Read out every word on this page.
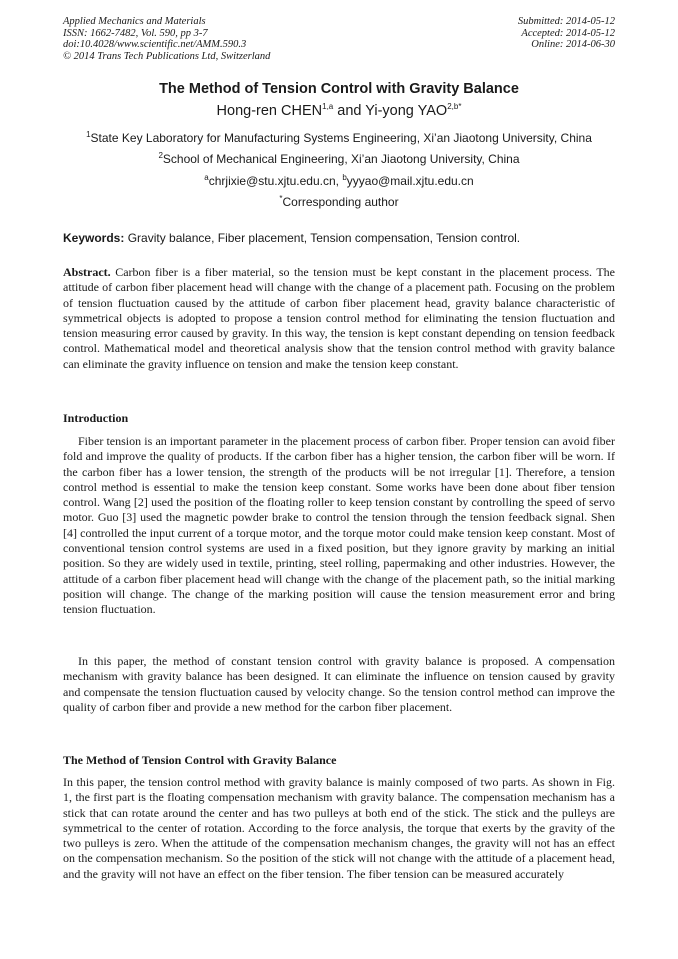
Applied Mechanics and Materials
ISSN: 1662-7482, Vol. 590, pp 3-7
doi:10.4028/www.scientific.net/AMM.590.3
© 2014 Trans Tech Publications Ltd, Switzerland
Submitted: 2014-05-12
Accepted: 2014-05-12
Online: 2014-06-30
The Method of Tension Control with Gravity Balance
Hong-ren CHEN$^{1,a}$ and Yi-yong $YAO^{2,b*}$
$^1$State Key Laboratory for Manufacturing Systems Engineering, Xi’an Jiaotong University, China
$^2$School of Mechanical Engineering, Xi’an Jiaotong University, China
$^a$chrjixie@stu.xjtu.edu.cn, $^b$yyyao@mail.xjtu.edu.cn
*Corresponding author
Keywords: Gravity balance, Fiber placement, Tension compensation, Tension control.

Abstract. Carbon fiber is a fiber material, so the tension must be kept constant in the placement process. The attitude of carbon fiber placement head will change with the change of a placement path. Focusing on the problem of tension fluctuation caused by the attitude of carbon fiber placement head, gravity balance characteristic of symmetrical objects is adopted to propose a tension control method for eliminating the tension fluctuation and tension measuring error caused by gravity. In this way, the tension is kept constant depending on tension feedback control. Mathematical model and theoretical analysis show that the tension control method with gravity balance can eliminate the gravity influence on tension and make the tension keep constant.

Introduction

Fiber tension is an important parameter in the placement process of carbon fiber. Proper tension can avoid fiber fold and improve the quality of products. If the carbon fiber has a higher tension, the carbon fiber will be worn. If the carbon fiber has a lower tension, the strength of the products will be not irregular [1]. Therefore, a tension control method is essential to make the tension keep constant. Some works have been done about fiber tension control. Wang [2] used the position of the floating roller to keep tension constant by controlling the speed of servo motor. Guo [3] used the magnetic powder brake to control the tension through the tension feedback signal. Shen [4] controlled the input current of a torque motor, and the torque motor could make tension keep constant. Most of conventional tension control systems are used in a fixed position, but they ignore gravity by marking an initial position. So they are widely used in textile, printing, steel rolling, papermaking and other industries. However, the attitude of a carbon fiber placement head will change with the change of the placement path, so the initial marking position will change. The change of the marking position will cause the tension measurement error and bring tension fluctuation.

In this paper, the method of constant tension control with gravity balance is proposed. A compensation mechanism with gravity balance has been designed. It can eliminate the influence on tension caused by gravity and compensate the tension fluctuation caused by velocity change. So the tension control method can improve the quality of carbon fiber and provide a new method for the carbon fiber placement.

The Method of Tension Control with Gravity Balance

In this paper, the tension control method with gravity balance is mainly composed of two parts. As shown in Fig. 1, the first part is the floating compensation mechanism with gravity balance. The compensation mechanism has a stick that can rotate around the center and has two pulleys at both end of the stick. The stick and the pulleys are symmetrical to the center of rotation. According to the force analysis, the torque that exerts by the gravity of the two pulleys is zero. When the attitude of the compensation mechanism changes, the gravity will not has an effect on the compensation mechanism. So the position of the stick will not change with the attitude of a placement head, and the gravity will not have an effect on the fiber tension. The fiber tension can be measured accurately
